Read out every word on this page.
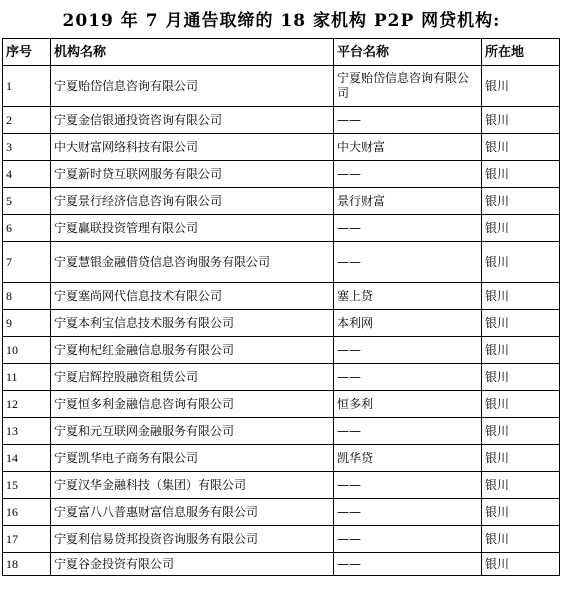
2019 年 7 月通告取缔的 18 家机构 P2P 网贷机构:
序号	机构名称	平台名称	所在地
1	宁夏贻岱信息咨询有限公司	宁夏贻岱信息咨询有限公司	银川
2	宁夏金信银通投资咨询有限公司	——	银川
3	中大财富网络科技有限公司	中大财富	银川
4	宁夏新时贷互联网服务有限公司	——	银川
5	宁夏景行经济信息咨询有限公司	景行财富	银川
6	宁夏赢联投资管理有限公司	——	银川
7	宁夏慧银金融借贷信息咨询服务有限公司	——	银川
8	宁夏塞尚网代信息技术有限公司	塞上贷	银川
9	宁夏本利宝信息技术服务有限公司	本利网	银川
10	宁夏枸杞红金融信息服务有限公司	——	银川
11	宁夏启辉控股融资租赁公司	——	银川
12	宁夏恒多利金融信息咨询有限公司	恒多利	银川
13	宁夏和元互联网金融服务有限公司	——	银川
14	宁夏凯华电子商务有限公司	凯华贷	银川
15	宁夏汉华金融科技（集团）有限公司	——	银川
16	宁夏富八八普惠财富信息服务有限公司	——	银川
17	宁夏利信易贷邦投资咨询服务有限公司	——	银川
18	宁夏谷金投资有限公司	——	银川
